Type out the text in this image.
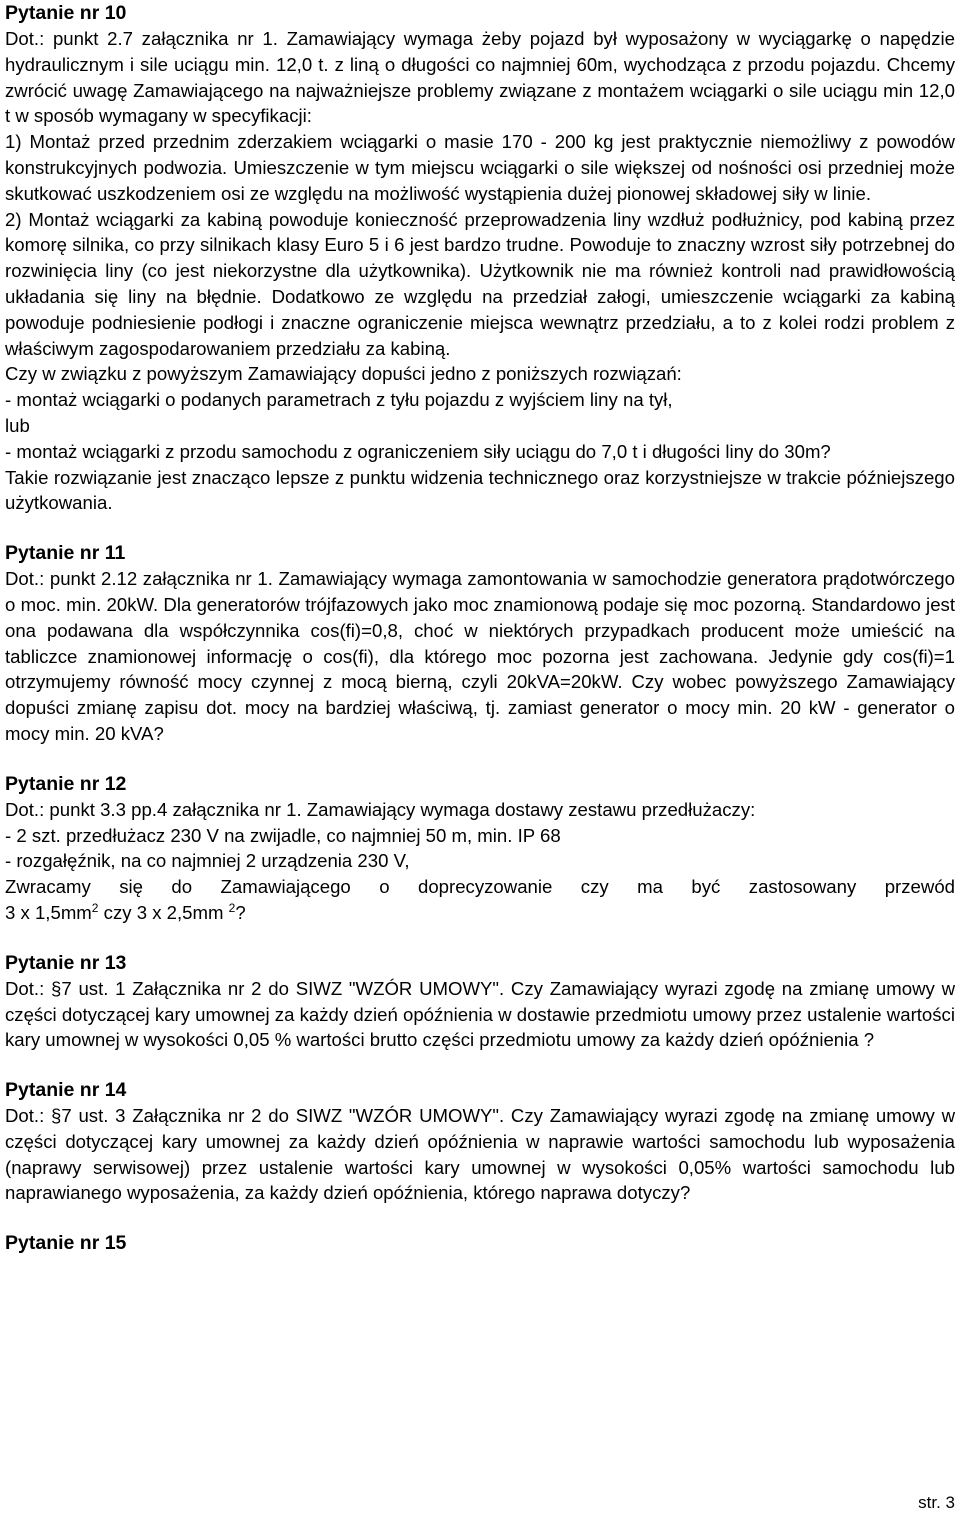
Pytanie nr 10

Dot.: punkt 2.7 załącznika nr 1. Zamawiający wymaga żeby pojazd był wyposażony w wyciągarkę o napędzie hydraulicznym i sile uciągu min. 12,0 t. z liną o długości co najmniej 60m, wychodząca z przodu pojazdu. Chcemy zwrócić uwagę Zamawiającego na najważniejsze problemy związane z montażem wciągarki o sile uciągu min 12,0 t w sposób wymagany w specyfikacji:

1) Montaż przed przednim zderzakiem wciągarki o masie 170 - 200 kg jest praktycznie niemożliwy z powodów konstrukcyjnych podwozia. Umieszczenie w tym miejscu wciągarki o sile większej od nośności osi przedniej może skutkować uszkodzeniem osi ze względu na możliwość wystąpienia dużej pionowej składowej siły w linie.

2) Montaż wciągarki za kabiną powoduje konieczność przeprowadzenia liny wzdłuż podłużnicy, pod kabiną przez komorę silnika, co przy silnikach klasy Euro 5 i 6 jest bardzo trudne. Powoduje to znaczny wzrost siły potrzebnej do rozwinięcia liny (co jest niekorzystne dla użytkownika). Użytkownik nie ma również kontroli nad prawidłowością układania się liny na błędnie. Dodatkowo ze względu na przedział załogi, umieszczenie wciągarki za kabiną powoduje podniesienie podłogi i znaczne ograniczenie miejsca wewnątrz przedziału, a to z kolei rodzi problem z właściwym zagospodarowaniem przedziału za kabiną.

Czy w związku z powyższym Zamawiający dopuści jedno z poniższych rozwiązań:

- montaż wciągarki o podanych parametrach z tyłu pojazdu z wyjściem liny na tył,

lub

- montaż wciągarki z przodu samochodu z ograniczeniem siły uciągu do 7,0 t i długości liny do 30m?

Takie rozwiązanie jest znacząco lepsze z punktu widzenia technicznego oraz korzystniejsze w trakcie późniejszego użytkowania.

Pytanie nr 11

Dot.: punkt 2.12 załącznika nr 1. Zamawiający wymaga zamontowania w samochodzie generatora prądotwórczego o moc. min. 20kW. Dla generatorów trójfazowych jako moc znamionową podaje się moc pozorną. Standardowo jest ona podawana dla współczynnika cos(fi)=0,8, choć w niektórych przypadkach producent może umieścić na tabliczce znamionowej informację o cos(fi), dla którego moc pozorna jest zachowana. Jedynie gdy cos(fi)=1 otrzymujemy równość mocy czynnej z mocą bierną, czyli 20kVA=20kW. Czy wobec powyższego Zamawiający dopuści zmianę zapisu dot. mocy na bardziej właściwą, tj. zamiast generator o mocy min. 20 kW - generator o mocy min. 20 kVA?

Pytanie nr 12

Dot.: punkt 3.3 pp.4 załącznika nr 1. Zamawiający wymaga dostawy zestawu przedłużaczy:

- 2 szt. przedłużacz 230 V na zwijadle, co najmniej 50 m, min. IP 68

- rozgałęźnik, na co najmniej 2 urządzenia 230 V,

Zwracamy się do Zamawiającego o doprecyzowanie czy ma być zastosowany przewód

3 x $1,5mm^2$ czy 3 x 2,5mm $^2$?

Pytanie nr 13

Dot.: §7 ust. 1 Załącznika nr 2 do SIWZ "WZÓR UMOWY". Czy Zamawiający wyrazi zgodę na zmianę umowy w części dotyczącej kary umownej za każdy dzień opóźnienia w dostawie przedmiotu umowy przez ustalenie wartości kary umownej w wysokości 0,05 % wartości brutto części przedmiotu umowy za każdy dzień opóźnienia ?

Pytanie nr 14

Dot.: §7 ust. 3 Załącznika nr 2 do SIWZ "WZÓR UMOWY". Czy Zamawiający wyrazi zgodę na zmianę umowy w części dotyczącej kary umownej za każdy dzień opóźnienia w naprawie wartości samochodu lub wyposażenia (naprawy serwisowej) przez ustalenie wartości kary umownej w wysokości 0,05% wartości samochodu lub naprawianego wyposażenia, za każdy dzień opóźnienia, którego naprawa dotyczy?

Pytanie nr 15

str. 3
